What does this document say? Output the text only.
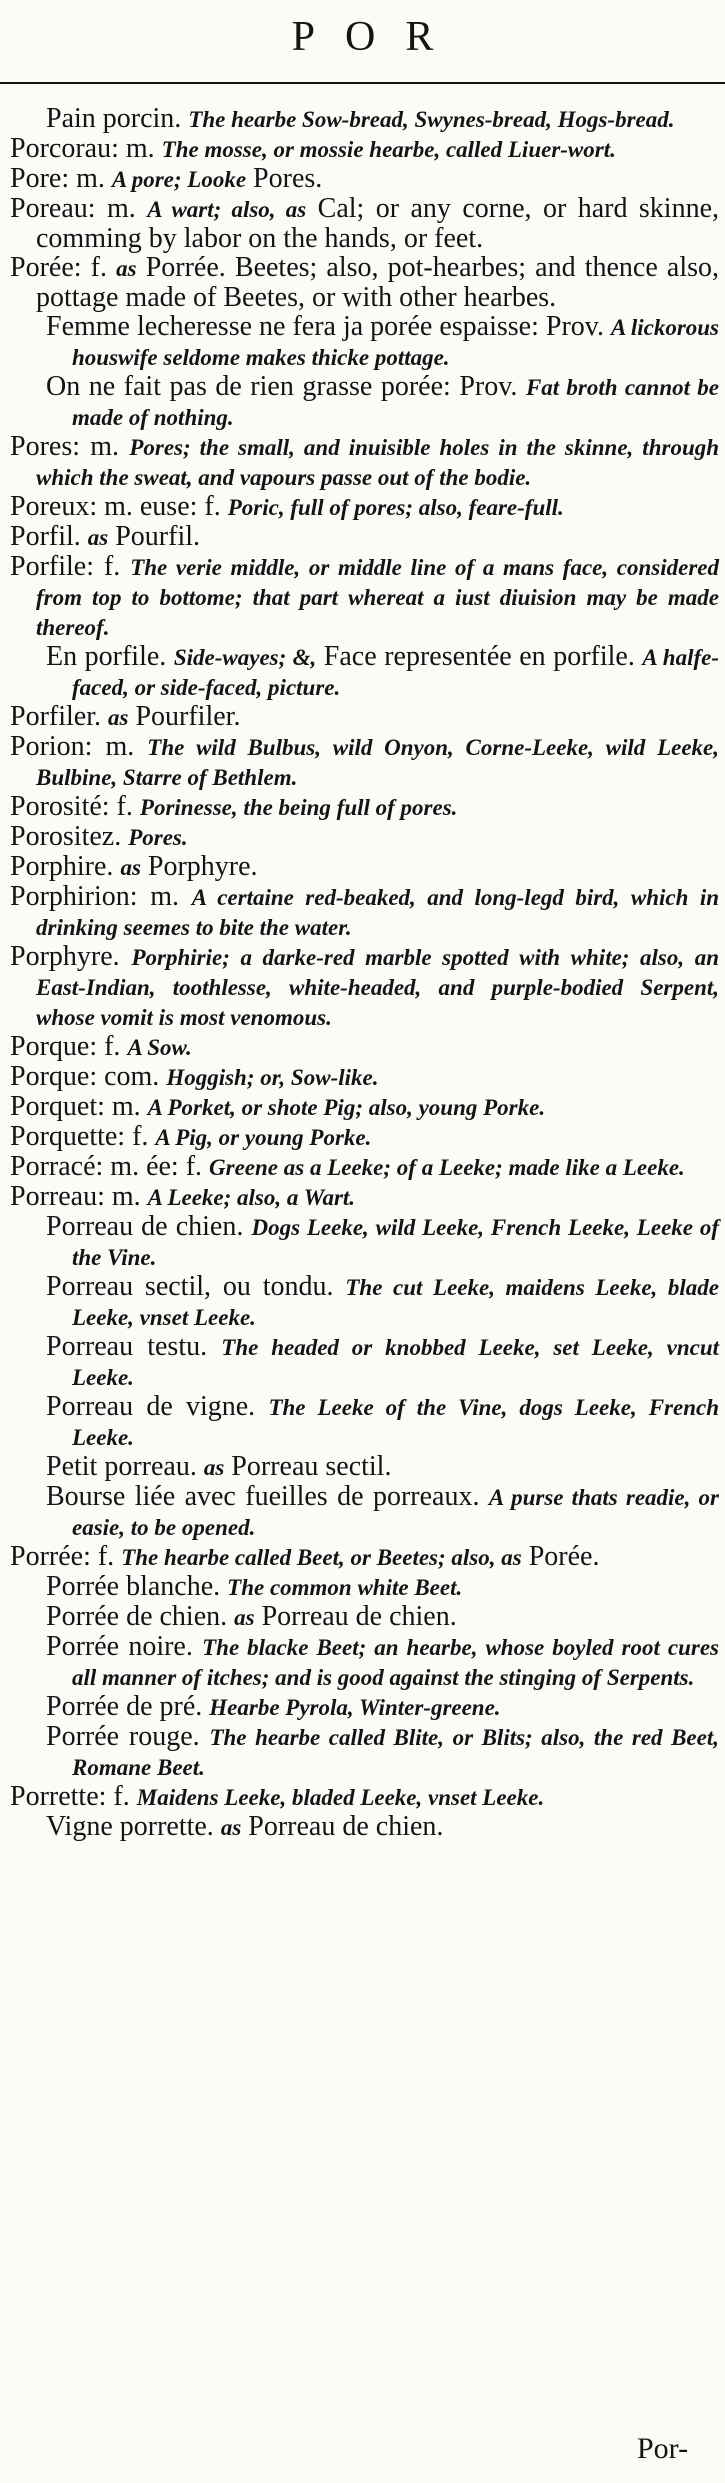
POR

Pain porcin. The hearbe Sow-bread, Swynes-bread, Hogs-bread.

Porcorau: m. The mosse, or mossie hearbe, called Liuer-wort.

Pore: m. A pore; Looke Pores.

Poreau: m. A wart; also, as Cal; or any corne, or hard skinne, comming by labor on the hands, or feet.

Porée: f. as Porrée. Beetes; also, pot-hearbes; and thence also, pottage made of Beetes, or with other hearbes.

Femme lecheresse ne fera ja porée espaisse: Prov. A lickorous houswife seldome makes thicke pottage.

On ne fait pas de rien grasse porée: Prov. Fat broth cannot be made of nothing.

Pores: m. Pores; the small, and inuisible holes in the skinne, through which the sweat, and vapours passe out of the bodie.

Poreux: m. euse: f. Poric, full of pores; also, feare-full.

Porfil. as Pourfil.

Porfile: f. The verie middle, or middle line of a mans face, considered from top to bottome; that part whereat a iust diuision may be made thereof.

En porfile. Side-wayes; &, Face representée en porfile. A halfe-faced, or side-faced, picture.

Porfiler. as Pourfiler.

Porion: m. The wild Bulbus, wild Onyon, Corne-Leeke, wild Leeke, Bulbine, Starre of Bethlem.

Porosité: f. Porinesse, the being full of pores.

Porositez. Pores.

Porphire. as Porphyre.

Porphirion: m. A certaine red-beaked, and long-legd bird, which in drinking seemes to bite the water.

Porphyre. Porphirie; a darke-red marble spotted with white; also, an East-Indian, toothlesse, white-headed, and purple-bodied Serpent, whose vomit is most venomous.

Porque: f. A Sow.

Porque: com. Hoggish; or, Sow-like.

Porquet: m. A Porket, or shote Pig; also, young Porke.

Porquette: f. A Pig, or young Porke.

Porracé: m. ée: f. Greene as a Leeke; of a Leeke; made like a Leeke.

Porreau: m. A Leeke; also, a Wart.

Porreau de chien. Dogs Leeke, wild Leeke, French Leeke, Leeke of the Vine.

Porreau sectil, ou tondu. The cut Leeke, maidens Leeke, blade Leeke, vnset Leeke.

Porreau testu. The headed or knobbed Leeke, set Leeke, vncut Leeke.

Porreau de vigne. The Leeke of the Vine, dogs Leeke, French Leeke.

Petit porreau. as Porreau sectil.

Bourse liée avec fueilles de porreaux. A purse thats readie, or easie, to be opened.

Porrée: f. The hearbe called Beet, or Beetes; also, as Porée.

Porrée blanche. The common white Beet.

Porrée de chien. as Porreau de chien.

Porrée noire. The blacke Beet; an hearbe, whose boyled root cures all manner of itches; and is good against the stinging of Serpents.

Porrée de pré. Hearbe Pyrola, Winter-greene.

Porrée rouge. The hearbe called Blite, or Blits; also, the red Beet, Romane Beet.

Porrette: f. Maidens Leeke, bladed Leeke, vnset Leeke.

Vigne porrette. as Porreau de chien.

Por-
